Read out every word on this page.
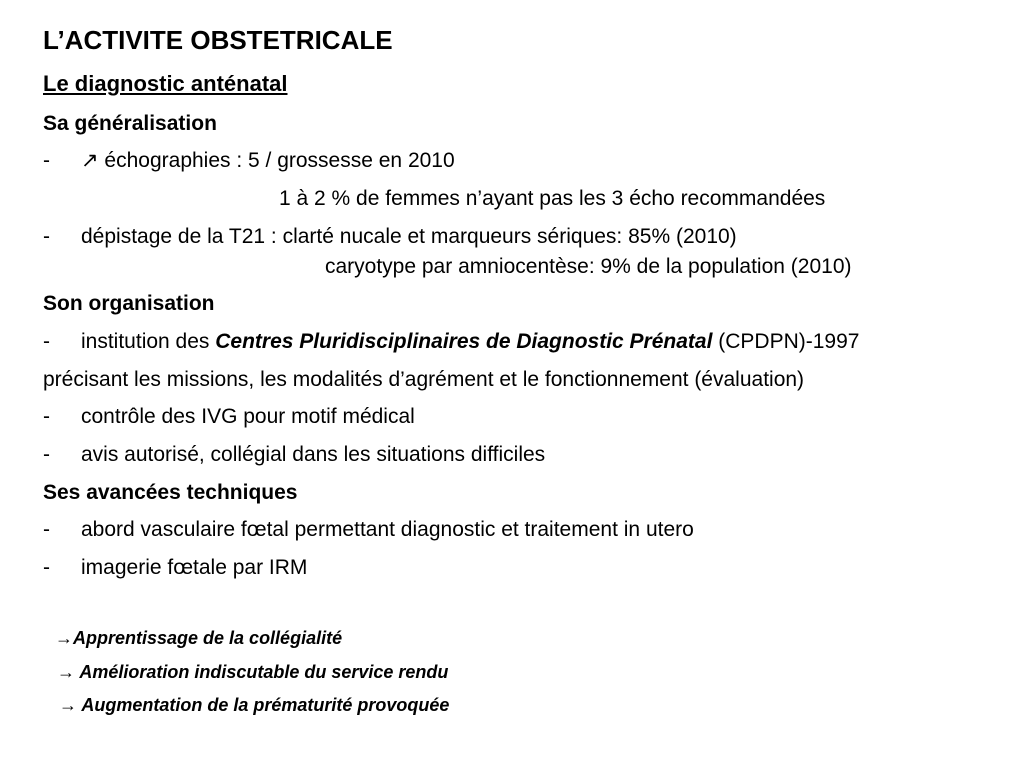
L’ACTIVITE OBSTETRICALE
Le diagnostic anténatal
Sa généralisation
- ↗ échographies : 5 / grossesse en 2010
1 à 2 % de femmes n’ayant pas les 3 écho recommandées
- dépistage de la T21 : clarté nucale et marqueurs sériques: 85% (2010)
caryotype par amniocentèse: 9% de la population (2010)
Son organisation
- institution des Centres Pluridisciplinaires de Diagnostic Prénatal (CPDPN)-1997
précisant les missions, les modalités d’agrément et le fonctionnement (évaluation)
- contrôle des IVG pour motif médical
- avis autorisé, collégial dans les situations difficiles
Ses avancées techniques
- abord vasculaire fœtal permettant diagnostic et traitement in utero
- imagerie fœtale par IRM
→Apprentissage de la collégialité
→ Amélioration indiscutable du service rendu
→ Augmentation de la prématurité provoquée
